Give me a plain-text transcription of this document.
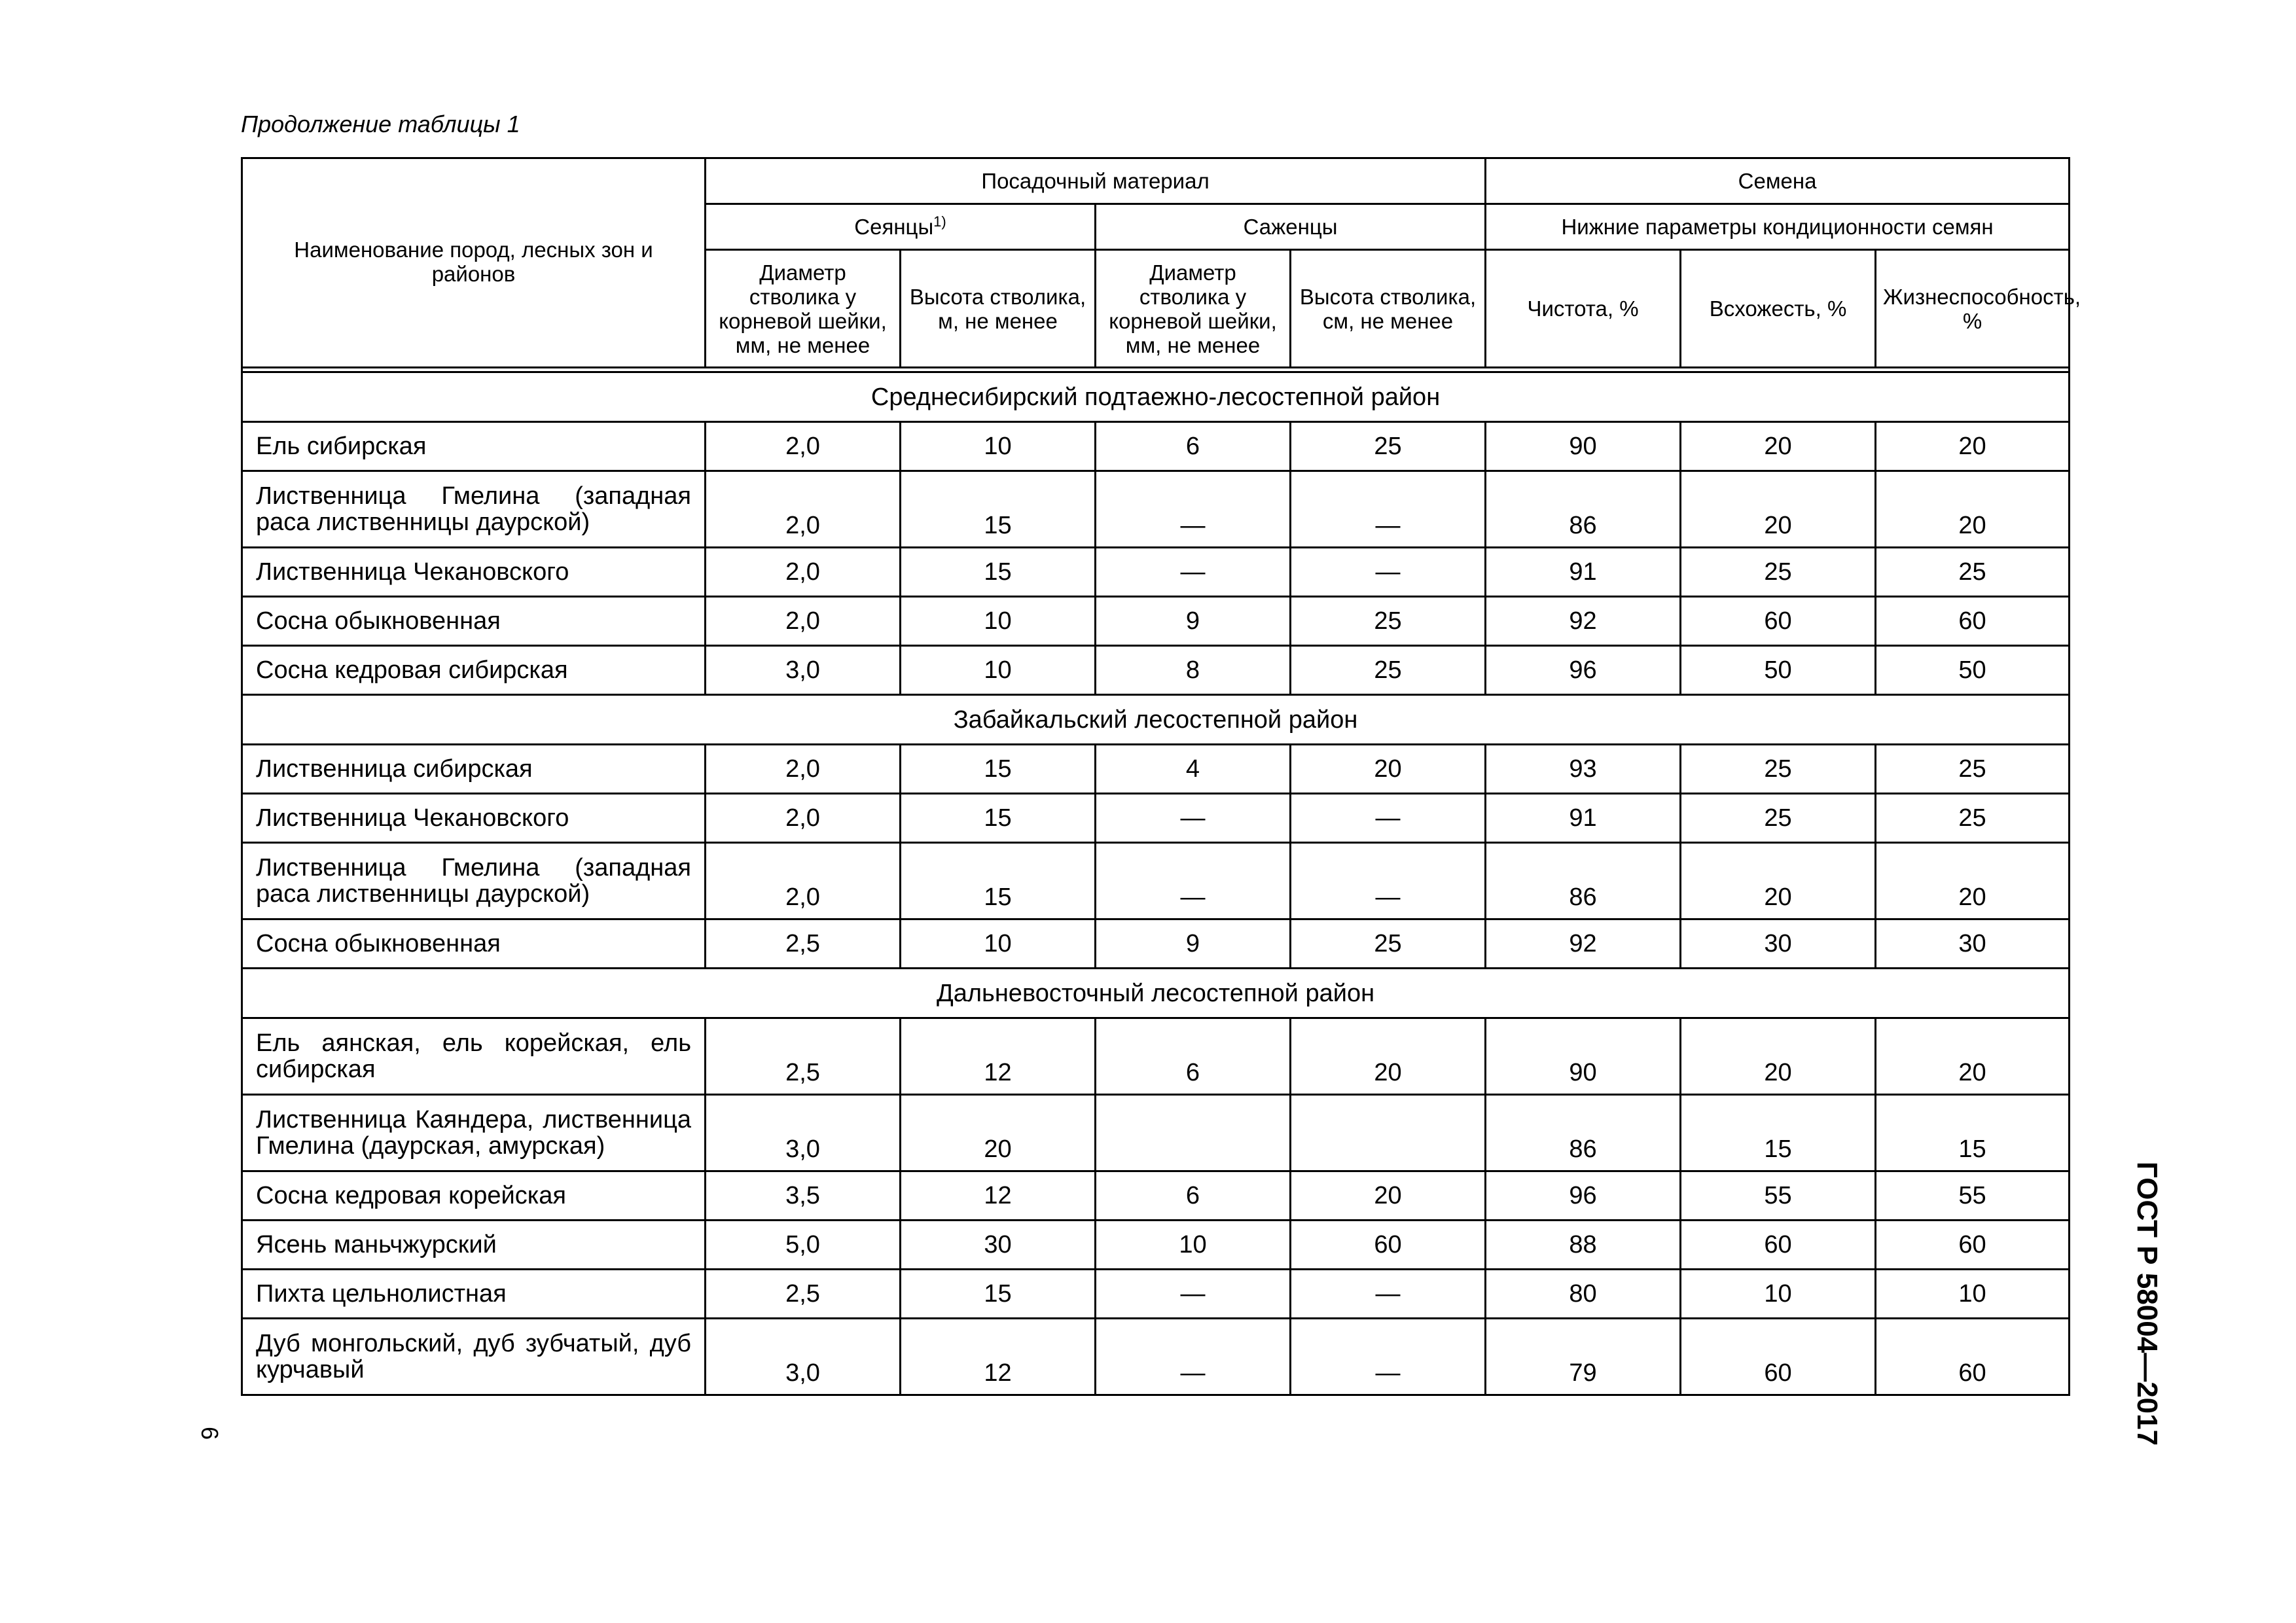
Продолжение таблицы 1
Наименование пород, лесных зон и районов	Посадочный материал				Семена		
	Сеянцы$^{1)}$		Саженцы		Нижние параметры кондиционности семян		
	Диаметр стволика у корневой шейки, мм, не менее	Высота стволика, м, не менее	Диаметр стволика у корневой шейки, мм, не менее	Высота стволика, см, не менее	Чистота, %	Всхожесть, %	Жизнеспособность, %

Среднесибирский подтаежно-лесостепной район							
Ель сибирская	2,0	10	6	25	90	20	20
Лиственница Гмелина (западная раса лиственницы даурской)	2,0	15	—	—	86	20	20
Лиственница Чекановского	2,0	15	—	—	91	25	25
Сосна обыкновенная	2,0	10	9	25	92	60	60
Сосна кедровая сибирская	3,0	10	8	25	96	50	50
Забайкальский лесостепной район							
Лиственница сибирская	2,0	15	4	20	93	25	25
Лиственница Чекановского	2,0	15	—	—	91	25	25
Лиственница Гмелина (западная раса лиственницы даурской)	2,0	15	—	—	86	20	20
Сосна обыкновенная	2,5	10	9	25	92	30	30
Дальневосточный лесостепной район							
Ель аянская, ель корейская, ель сибирская	2,5	12	6	20	90	20	20
Лиственница Каяндера, лиственница Гмелина (даурская, амурская)	3,0	20			86	15	15
Сосна кедровая корейская	3,5	12	6	20	96	55	55
Ясень маньчжурский	5,0	30	10	60	88	60	60
Пихта цельнолистная	2,5	15	—	—	80	10	10
Дуб монгольский, дуб зубчатый, дуб курчавый	3,0	12	—	—	79	60	60	ГОСТ Р 58004—2017
6
